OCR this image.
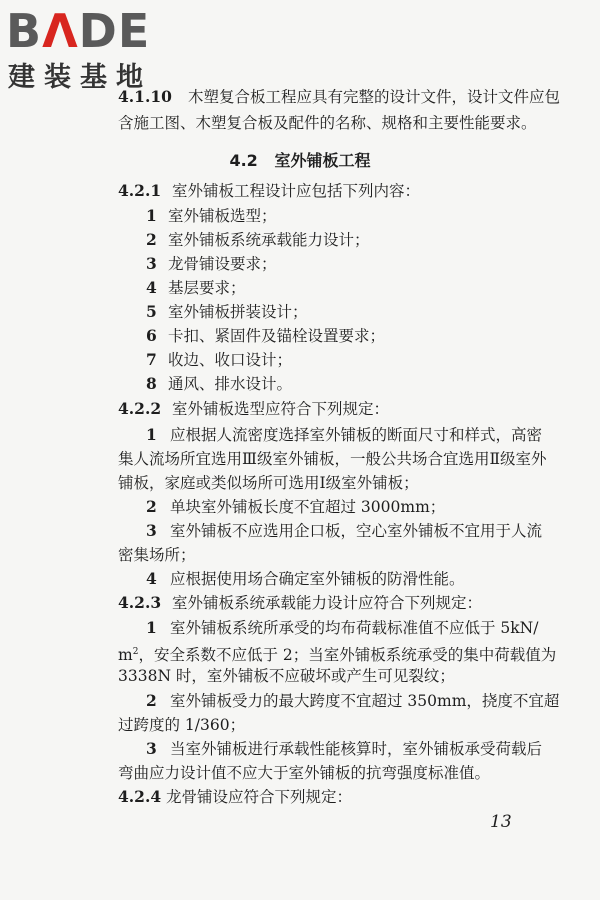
BΛDE
建装基地
4.1.10 木塑复合板工程应具有完整的设计文件，设计文件应包
含施工图、木塑复合板及配件的名称、规格和主要性能要求。
4.2 室外铺板工程
4.2.1 室外铺板工程设计应包括下列内容：
1 室外铺板选型；
2 室外铺板系统承载能力设计；
3 龙骨铺设要求；
4 基层要求；
5 室外铺板拼装设计；
6 卡扣、紧固件及锚栓设置要求；
7 收边、收口设计；
8 通风、排水设计。
4.2.2 室外铺板选型应符合下列规定：
1 应根据人流密度选择室外铺板的断面尺寸和样式，高密
集人流场所宜选用Ⅲ级室外铺板，一般公共场合宜选用Ⅱ级室外
铺板，家庭或类似场所可选用Ⅰ级室外铺板；
2 单块室外铺板长度不宜超过 3000mm；
3 室外铺板不应选用企口板，空心室外铺板不宜用于人流
密集场所；
4 应根据使用场合确定室外铺板的防滑性能。
4.2.3 室外铺板系统承载能力设计应符合下列规定：
1 室外铺板系统所承受的均布荷载标准值不应低于 5kN/
$m^2$，安全系数不应低于 2；当室外铺板系统承受的集中荷载值为
3338N 时，室外铺板不应破坏或产生可见裂纹；
2 室外铺板受力的最大跨度不宜超过 350mm，挠度不宜超
过跨度的 1/360；
3 当室外铺板进行承载性能核算时，室外铺板承受荷载后
弯曲应力设计值不应大于室外铺板的抗弯强度标准值。
4.2.4 龙骨铺设应符合下列规定：
13
